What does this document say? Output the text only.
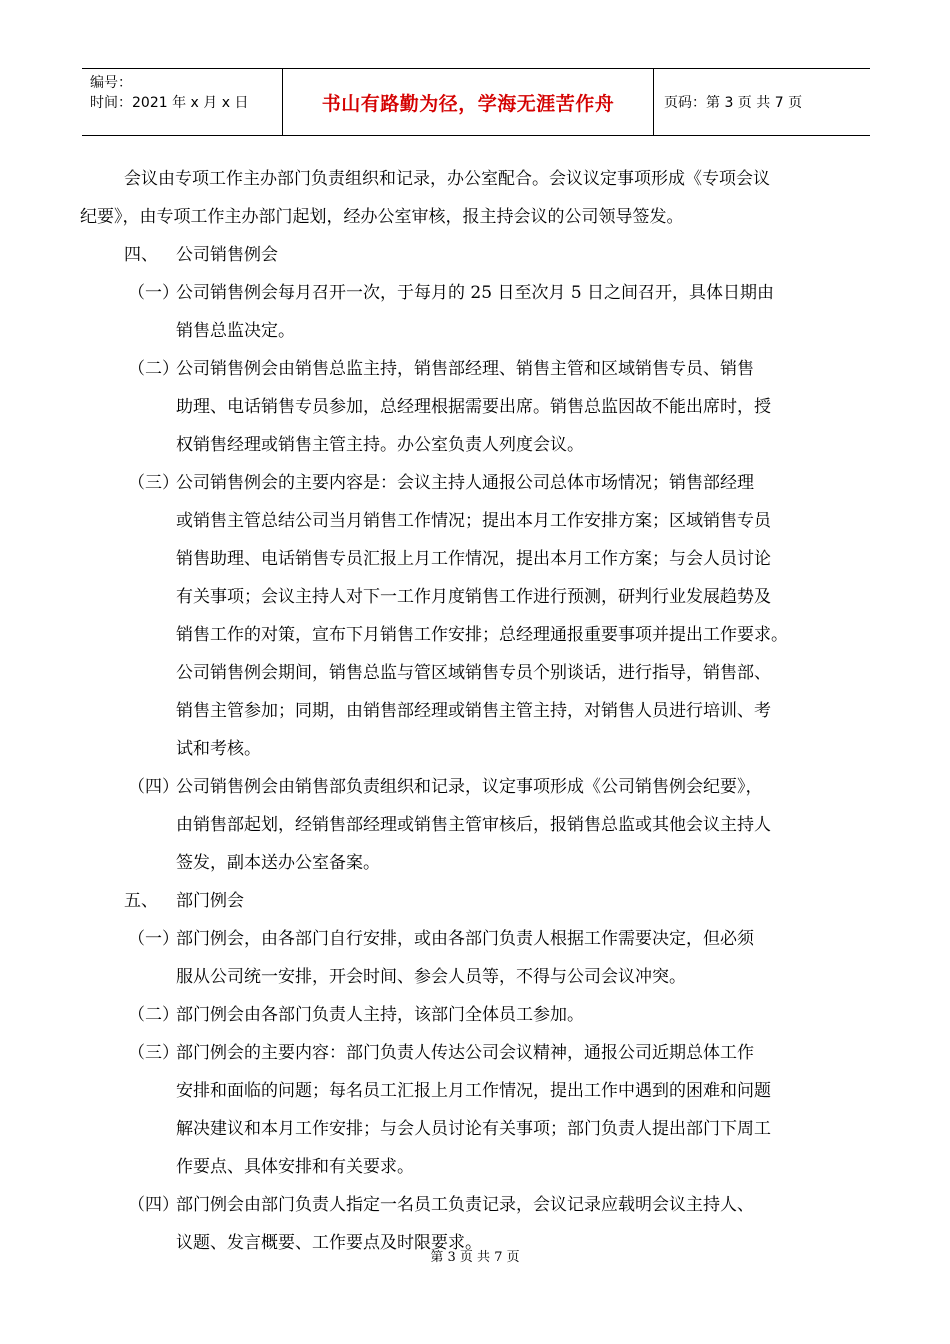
编号：
时间：2021 年 x 月 x 日	书山有路勤为径，学海无涯苦作舟	页码：第 3 页 共 7 页
会议由专项工作主办部门负责组织和记录，办公室配合。会议议定事项形成《专项会议
纪要》，由专项工作主办部门起划，经办公室审核，报主持会议的公司领导签发。
四、 公司销售例会
（一）
公司销售例会每月召开一次，于每月的 25 日至次月 5 日之间召开，具体日期由
销售总监决定。
（二）
公司销售例会由销售总监主持，销售部经理、销售主管和区域销售专员、销售
助理、电话销售专员参加，总经理根据需要出席。销售总监因故不能出席时，授
权销售经理或销售主管主持。办公室负责人列度会议。
（三）
公司销售例会的主要内容是：会议主持人通报公司总体市场情况；销售部经理
或销售主管总结公司当月销售工作情况；提出本月工作安排方案；区域销售专员
销售助理、电话销售专员汇报上月工作情况，提出本月工作方案；与会人员讨论
有关事项；会议主持人对下一工作月度销售工作进行预测，研判行业发展趋势及
销售工作的对策，宣布下月销售工作安排；总经理通报重要事项并提出工作要求。
公司销售例会期间，销售总监与管区域销售专员个别谈话，进行指导，销售部、
销售主管参加；同期，由销售部经理或销售主管主持，对销售人员进行培训、考
试和考核。
（四）
公司销售例会由销售部负责组织和记录，议定事项形成《公司销售例会纪要》，
由销售部起划，经销售部经理或销售主管审核后，报销售总监或其他会议主持人
签发，副本送办公室备案。
五、 部门例会
（一）
部门例会，由各部门自行安排，或由各部门负责人根据工作需要决定，但必须
服从公司统一安排，开会时间、参会人员等，不得与公司会议冲突。
（二）
部门例会由各部门负责人主持，该部门全体员工参加。
（三）
部门例会的主要内容：部门负责人传达公司会议精神，通报公司近期总体工作
安排和面临的问题；每名员工汇报上月工作情况，提出工作中遇到的困难和问题
解决建议和本月工作安排；与会人员讨论有关事项；部门负责人提出部门下周工
作要点、具体安排和有关要求。
（四）
部门例会由部门负责人指定一名员工负责记录，会议记录应载明会议主持人、
议题、发言概要、工作要点及时限要求。
第 3 页 共 7 页
